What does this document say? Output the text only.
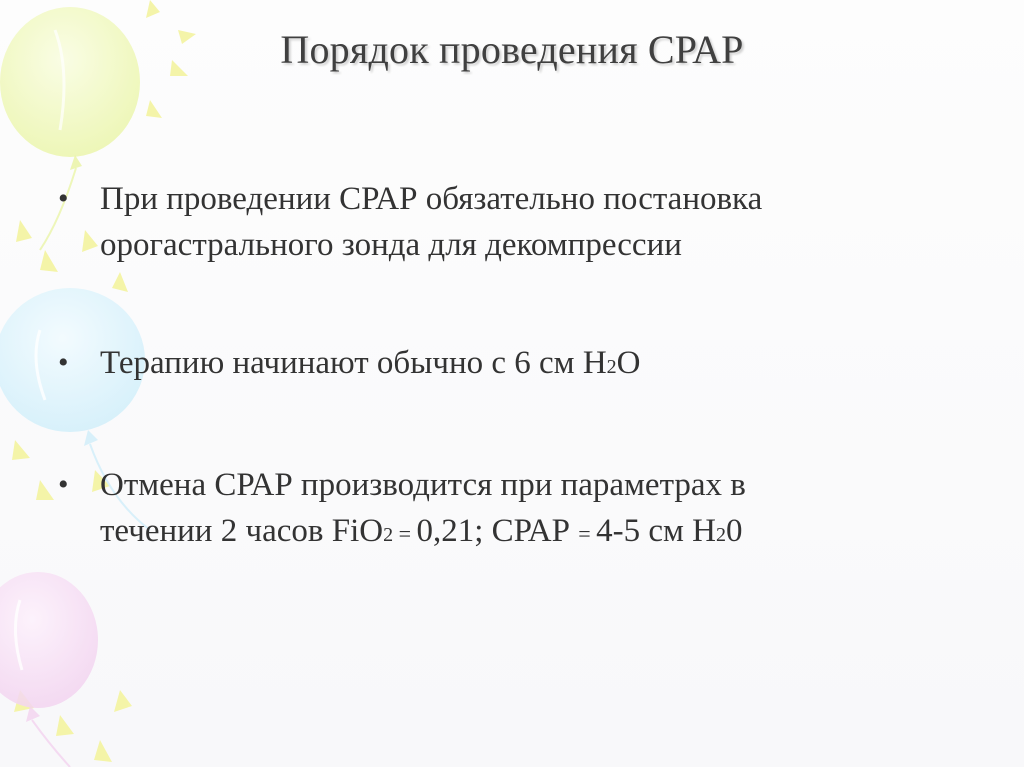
Порядок проведения СРАР
• При проведении СРАР обязательно постановка
орогастрального зонда для декомпрессии
• Терапию начинают обычно с 6 см Н2О
• Отмена СРАР производится при параметрах в
течении 2 часов FiO2 = 0,21; СРАР = 4-5 см Н20
